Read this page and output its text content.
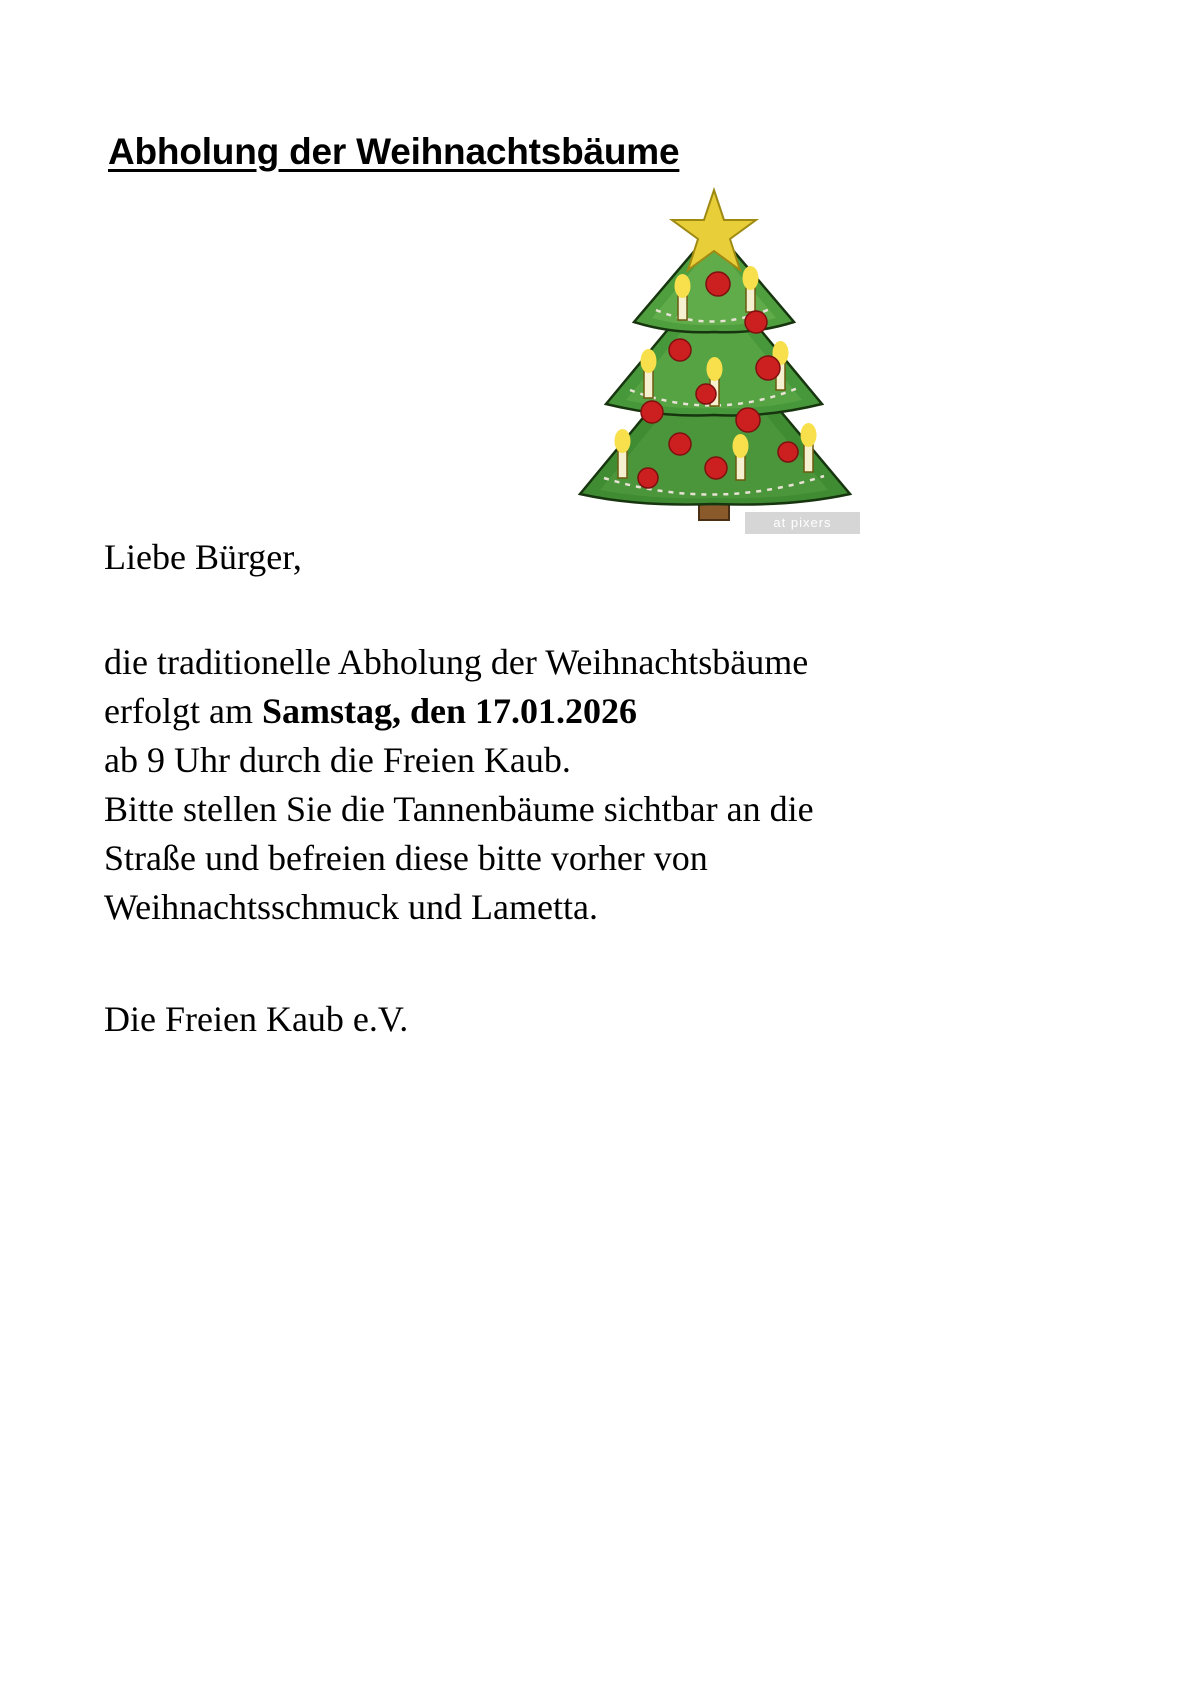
Abholung der Weihnachtsbäume
at pixers
Liebe Bürger,

die traditionelle Abholung der Weihnachtsbäume

erfolgt am Samstag, den 17.01.2026

ab 9 Uhr durch die Freien Kaub.

Bitte stellen Sie die Tannenbäume sichtbar an die

Straße und befreien diese bitte vorher von

Weihnachtsschmuck und Lametta.

Die Freien Kaub e.V.
